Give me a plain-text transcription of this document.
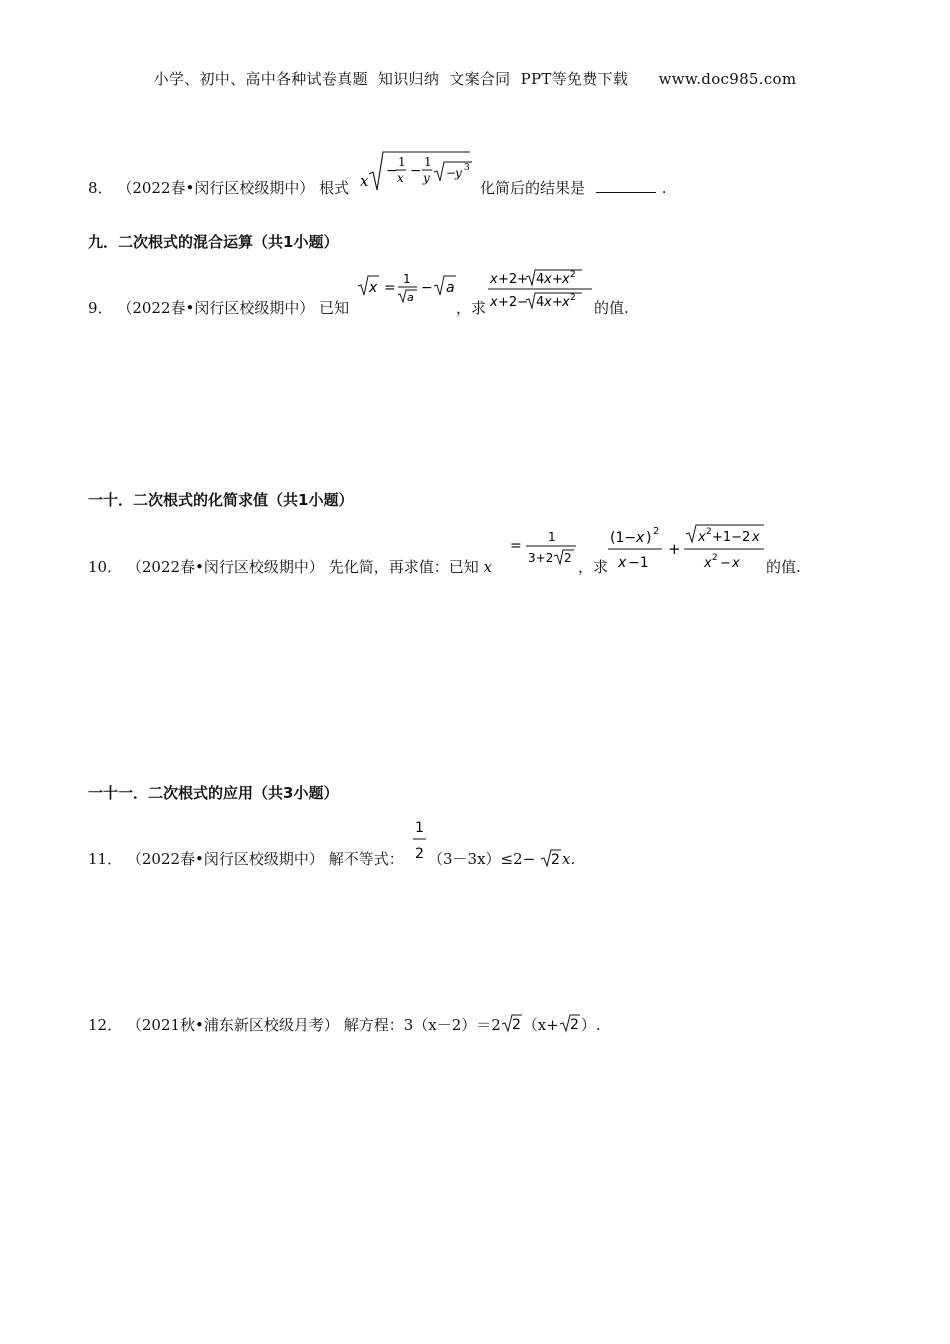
小学、初中、高中各种试卷真题  知识归纳  文案合同  PPT等免费下载      www.doc985.com
8． （2022春•闵行区校级期中） 根式 x
−
1
x −
1
y −
y 3
化简后的结果是	.
九．二次根式的混合运算（共1小题）
9． （2022春•闵行区校级期中） 已知
x =
1
a
− a
，求
x +2+ 4 x + x 2
x +2− 4 x + x 2
的值.
一十．二次根式的化简求值（共1小题）
10． （2022春•闵行区校级期中） 先化简，再求值：已知 x
=
1
3+2 2 ，求
(1− x ) 2
x −1
+
x 2 +1−2 x
x 2 − x 的值.
一十一．二次根式的应用（共3小题）
11． （2022春•闵行区校级期中） 解不等式：
1
2 （3－3x）≤2− 2 x.
12． （2021秋•浦东新区校级月考） 解方程：3（x－2）＝2 2 （x+ 2 ）.
